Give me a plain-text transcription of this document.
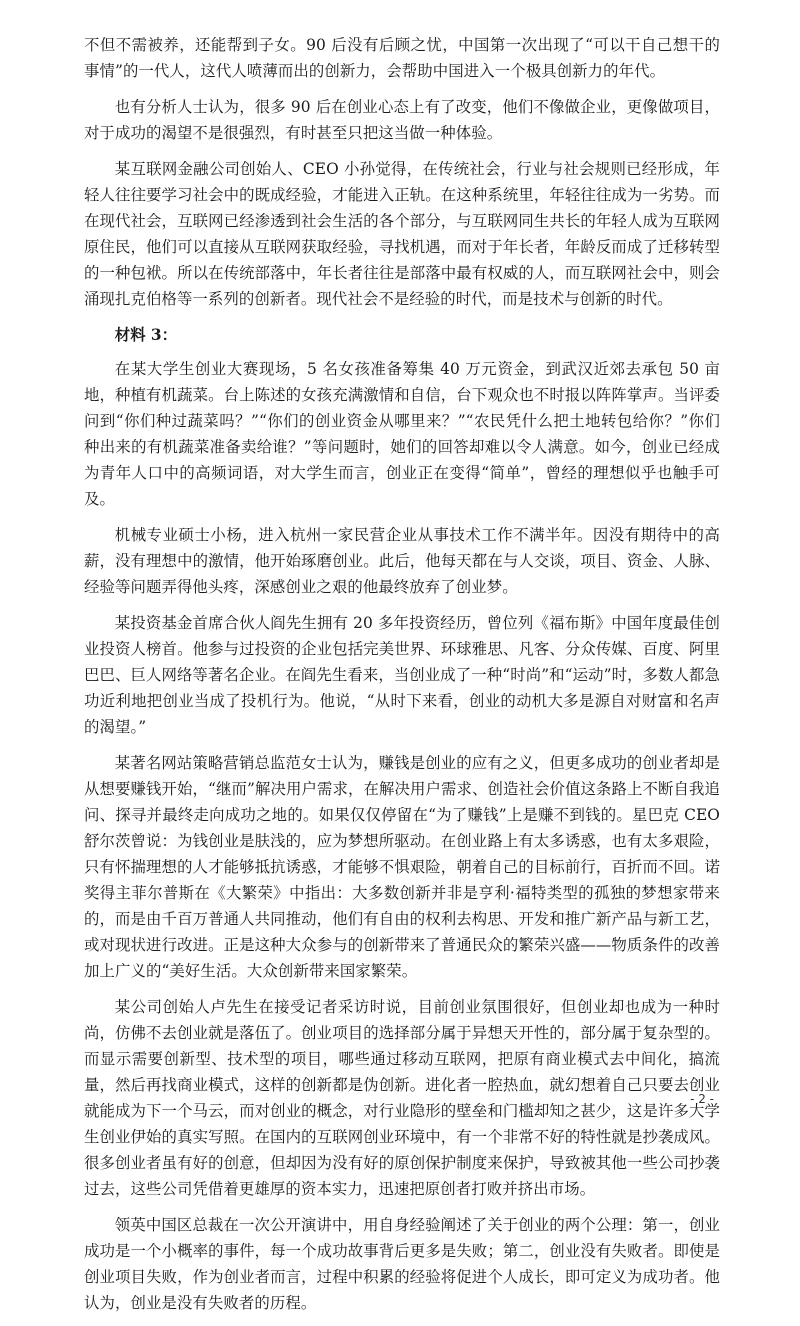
不但不需被养，还能帮到子女。90 后没有后顾之忧，中国第一次出现了“可以干自己想干的事情”的一代人，这代人喷薄而出的创新力，会帮助中国进入一个极具创新力的年代。

也有分析人士认为，很多 90 后在创业心态上有了改变，他们不像做企业，更像做项目，对于成功的渴望不是很强烈，有时甚至只把这当做一种体验。

某互联网金融公司创始人、CEO 小孙觉得，在传统社会，行业与社会规则已经形成，年轻人往往要学习社会中的既成经验，才能进入正轨。在这种系统里，年轻往往成为一劣势。而在现代社会，互联网已经渗透到社会生活的各个部分，与互联网同生共长的年轻人成为互联网原住民，他们可以直接从互联网获取经验，寻找机遇，而对于年长者，年龄反而成了迁移转型的一种包袱。所以在传统部落中，年长者往往是部落中最有权威的人，而互联网社会中，则会涌现扎克伯格等一系列的创新者。现代社会不是经验的时代，而是技术与创新的时代。

材料 3：

在某大学生创业大赛现场，5 名女孩准备筹集 40 万元资金，到武汉近郊去承包 50 亩地，种植有机蔬菜。台上陈述的女孩充满激情和自信，台下观众也不时报以阵阵掌声。当评委问到“你们种过蔬菜吗？”“你们的创业资金从哪里来？”“农民凭什么把土地转包给你？”你们种出来的有机蔬菜准备卖给谁？”等问题时，她们的回答却难以令人满意。如今，创业已经成为青年人口中的高频词语，对大学生而言，创业正在变得“简单”，曾经的理想似乎也触手可及。

机械专业硕士小杨，进入杭州一家民营企业从事技术工作不满半年。因没有期待中的高薪，没有理想中的激情，他开始琢磨创业。此后，他每天都在与人交谈，项目、资金、人脉、经验等问题弄得他头疼，深感创业之艰的他最终放弃了创业梦。

某投资基金首席合伙人阎先生拥有 20 多年投资经历，曾位列《福布斯》中国年度最佳创业投资人榜首。他参与过投资的企业包括完美世界、环球雅思、凡客、分众传媒、百度、阿里巴巴、巨人网络等著名企业。在阎先生看来，当创业成了一种“时尚”和“运动”时，多数人都急功近利地把创业当成了投机行为。他说，“从时下来看，创业的动机大多是源自对财富和名声的渴望。”

某著名网站策略营销总监范女士认为，赚钱是创业的应有之义，但更多成功的创业者却是从想要赚钱开始，“继而”解决用户需求，在解决用户需求、创造社会价值这条路上不断自我追问、探寻并最终走向成功之地的。如果仅仅停留在“为了赚钱”上是赚不到钱的。星巴克 CEO 舒尔茨曾说：为钱创业是肤浅的，应为梦想所驱动。在创业路上有太多诱惑，也有太多艰险，只有怀揣理想的人才能够抵抗诱惑，才能够不惧艰险，朝着自己的目标前行，百折而不回。诺奖得主菲尔普斯在《大繁荣》中指出：大多数创新并非是亨利·福特类型的孤独的梦想家带来的，而是由千百万普通人共同推动，他们有自由的权利去构思、开发和推广新产品与新工艺，或对现状进行改进。正是这种大众参与的创新带来了普通民众的繁荣兴盛——物质条件的改善加上广义的“美好生活。大众创新带来国家繁荣。

某公司创始人卢先生在接受记者采访时说，目前创业氛围很好，但创业却也成为一种时尚，仿佛不去创业就是落伍了。创业项目的选择部分属于异想天开性的，部分属于复杂型的。而显示需要创新型、技术型的项目，哪些通过移动互联网，把原有商业模式去中间化，搞流量，然后再找商业模式，这样的创新都是伪创新。进化者一腔热血，就幻想着自己只要去创业就能成为下一个马云，而对创业的概念，对行业隐形的壁垒和门槛却知之甚少，这是许多大学生创业伊始的真实写照。在国内的互联网创业环境中，有一个非常不好的特性就是抄袭成风。很多创业者虽有好的创意，但却因为没有好的原创保护制度来保护，导致被其他一些公司抄袭过去，这些公司凭借着更雄厚的资本实力，迅速把原创者打败并挤出市场。

领英中国区总裁在一次公开演讲中，用自身经验阐述了关于创业的两个公理：第一，创业成功是一个小概率的事件，每一个成功故事背后更多是失败；第二，创业没有失败者。即使是创业项目失败，作为创业者而言，过程中积累的经验将促进个人成长，即可定义为成功者。他认为，创业是没有失败者的历程。

- 2 -
